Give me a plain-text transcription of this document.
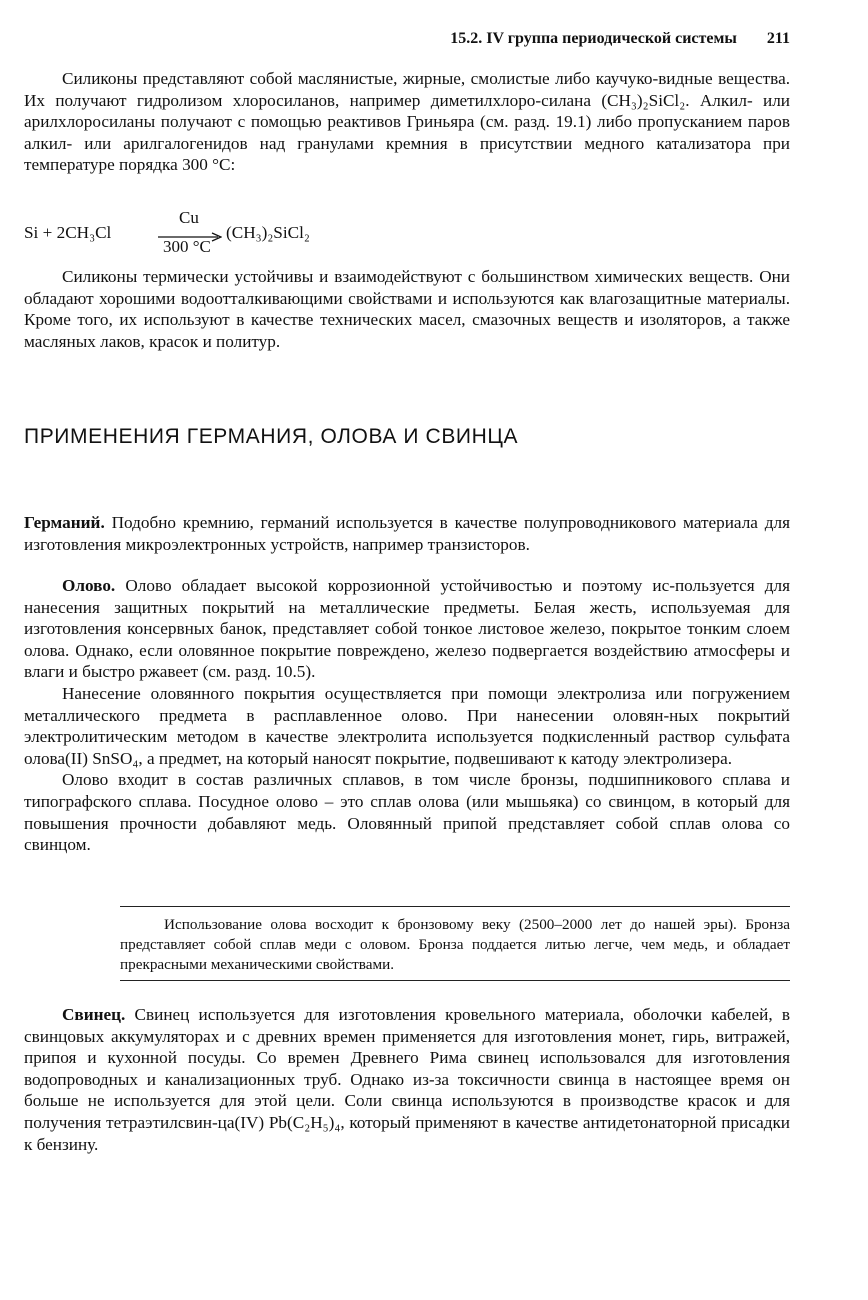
15.2. IV группа периодической системы 211

Силиконы представляют собой маслянистые, жирные, смолистые либо каучуко-видные вещества. Их получают гидролизом хлоросиланов, например диметилхлоро-силана (CH₃)₂SiCl₂. Алкил- или арилхлоросиланы получают с помощью реактивов Гриньяра (см. разд. 19.1) либо пропусканием паров алкил- или арилгалогенидов над гранулами кремния в присутствии медного катализатора при температуре порядка 300 °C:

Si + 2CH₃Cl
Cu
300 °C
(CH₃)₂SiCl₂

Силиконы термически устойчивы и взаимодействуют с большинством химических веществ. Они обладают хорошими водоотталкивающими свойствами и используются как влагозащитные материалы. Кроме того, их используют в качестве технических масел, смазочных веществ и изоляторов, а также масляных лаков, красок и политур.

ПРИМЕНЕНИЯ ГЕРМАНИЯ, ОЛОВА И СВИНЦА

Германий. Подобно кремнию, германий используется в качестве полупроводникового материала для изготовления микроэлектронных устройств, например транзисторов.

Олово. Олово обладает высокой коррозионной устойчивостью и поэтому ис-пользуется для нанесения защитных покрытий на металлические предметы. Белая жесть, используемая для изготовления консервных банок, представляет собой тонкое листовое железо, покрытое тонким слоем олова. Однако, если оловянное покрытие повреждено, железо подвергается воздействию атмосферы и влаги и быстро ржавеет (см. разд. 10.5).

Нанесение оловянного покрытия осуществляется при помощи электролиза или погружением металлического предмета в расплавленное олово. При нанесении оловян-ных покрытий электролитическим методом в качестве электролита используется подкисленный раствор сульфата олова(II) SnSO₄, а предмет, на который наносят покрытие, подвешивают к катоду электролизера.

Олово входит в состав различных сплавов, в том числе бронзы, подшипникового сплава и типографского сплава. Посудное олово – это сплав олова (или мышьяка) со свинцом, в который для повышения прочности добавляют медь. Оловянный припой представляет собой сплав олова со свинцом.

Использование олова восходит к бронзовому веку (2500–2000 лет до нашей эры). Бронза представляет собой сплав меди с оловом. Бронза поддается литью легче, чем медь, и обладает прекрасными механическими свойствами.

Свинец. Свинец используется для изготовления кровельного материала, оболочки кабелей, в свинцовых аккумуляторах и с древних времен применяется для изготовления монет, гирь, витражей, припоя и кухонной посуды. Со времен Древнего Рима свинец использовался для изготовления водопроводных и канализационных труб. Однако из-за токсичности свинца в настоящее время он больше не используется для этой цели. Соли свинца используются в производстве красок и для получения тетраэтилсвин-ца(IV) Pb(C₂H₅)₄, который применяют в качестве антидетонаторной присадки к бензину.
